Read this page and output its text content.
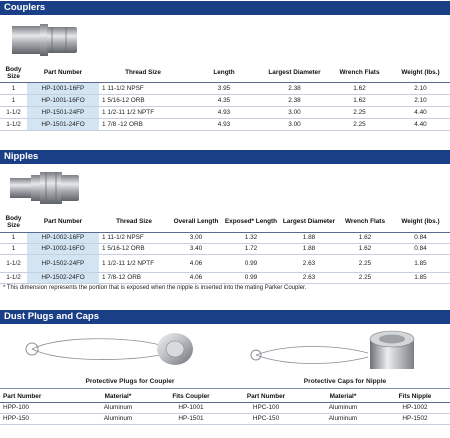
Couplers
Body Size	Part Number	Thread Size	Length	Largest Diameter	Wrench Flats	Weight (lbs.)
1	HP-1001-16FP	1 11-1/2 NPSF	3.95	2.38	1.62	2.10
1	HP-1001-16FO	1 5/16-12 ORB	4.35	2.38	1.62	2.10
1-1/2	HP-1501-24FP	1 1/2-11 1/2 NPTF	4.93	3.00	2.25	4.40
1-1/2	HP-1501-24FO	1 7/8 -12 ORB	4.93	3.00	2.25	4.40
Nipples
Body Size	Part Number	Thread Size	Overall Length	Exposed* Length	Largest Diameter	Wrench Flats	Weight (lbs.)
1	HP-1002-16FP	1 11-1/2 NPSF	3.00	1.32	1.88	1.62	0.84
1	HP-1002-16FO	1 5/16-12 ORB	3.40	1.72	1.88	1.62	0.84
1-1/2	HP-1502-24FP	1 1/2-11 1/2 NPTF	4.06	0.99	2.63	2.25	1.85
1-1/2	HP-1502-24FO	1 7/8-12 ORB	4.06	0.99	2.63	2.25	1.85
* This dimension represents the portion that is exposed when the nipple is inserted into the mating Parker Coupler.
Dust Plugs and Caps
Protective Plugs for Coupler	Protective Caps for Nipple
Part Number	Material*	Fits Coupler	Part Number	Material*	Fits Nipple
HPP-100	Aluminum	HP-1001	HPC-100	Aluminum	HP-1002
HPP-150	Aluminum	HP-1501	HPC-150	Aluminum	HP-1502
